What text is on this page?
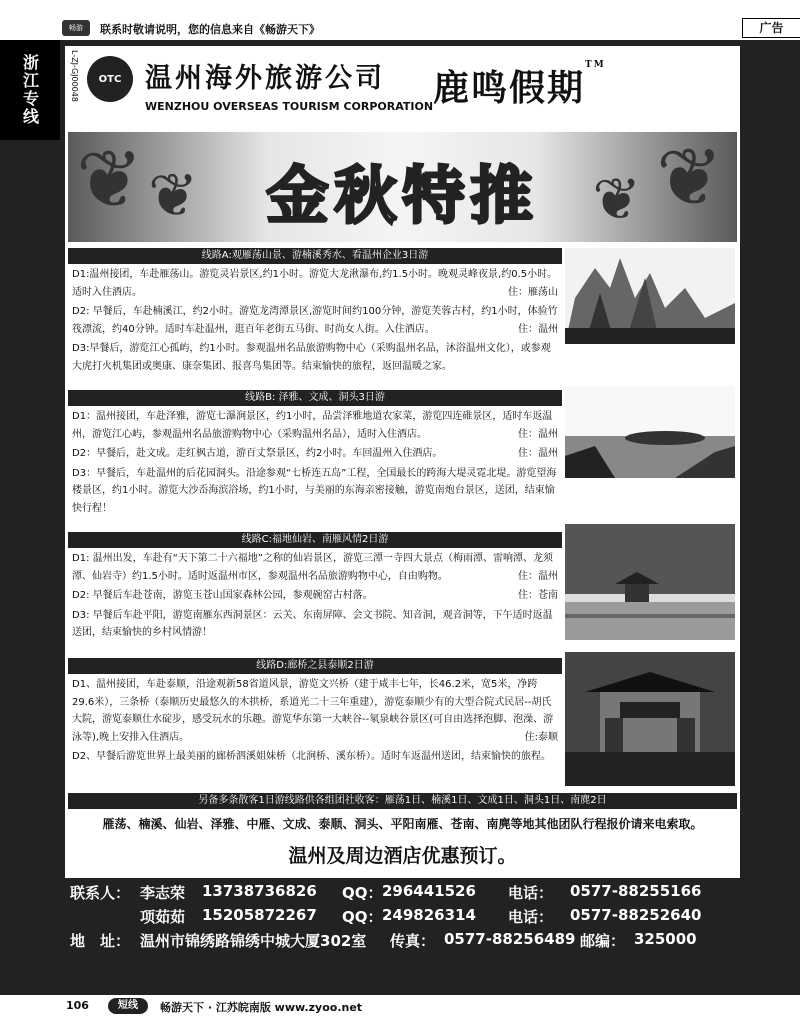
畅游	联系时敬请说明，您的信息来自《畅游天下》	广告
浙江专线	L-ZJ-GJ00048	OTC 温州海外旅游公司
WENZHOU OVERSEAS TOURISM CORPORATION 鹿鸣假期™
❦ ❦	❦
❦
金秋特推
线路A:观雁荡山景、游楠溪秀水、看温州企业3日游
D1:温州接团，车赴雁荡山。游览灵岩景区,约1小时。游览大龙湫瀑布,约1.5小时。晚观灵峰夜景,约0.5小时。适时入住酒店。	住：雁荡山
D2: 早餐后，车赴楠溪江，约2小时。游览龙湾潭景区,游览时间约100分钟，游览芙蓉古村，约1小时，体验竹筏漂流，约40分钟。适时车赴温州，逛百年老街五马街、时尚女人街。入住酒店。	住：温州
D3:早餐后，游览江心孤屿，约1小时。参观温州名品旅游购物中心（采购温州名品，沐浴温州文化），或参观大虎打火机集团或奥康、康奈集团、报喜鸟集团等。结束愉快的旅程，返回温暖之家。
线路B: 泽雅、文成、洞头3日游
D1：温州接团，车赴泽雅，游览七瀑涧景区，约1小时，品尝泽雅地道农家菜，游览四连碓景区，适时车返温州，游览江心屿，参观温州名品旅游购物中心（采购温州名品），适时入住酒店。	住：温州
D2：早餐后，赴文成。走红枫古道，游百丈祭景区，约2小时。车回温州入住酒店。	住：温州
D3：早餐后，车赴温州的后花园洞头。沿途参观“七桥连五岛”工程，全国最长的跨海大堤灵霓北堤。游览望海楼景区，约1小时。游览大沙岙海滨浴场，约1小时，与美丽的东海亲密接触，游览南炮台景区，送团，结束愉快行程！
线路C:福地仙岩、南雁风情2日游
D1: 温州出发，车赴有“天下第二十六福地”之称的仙岩景区，游览三潭一寺四大景点（梅雨潭、雷响潭、龙须潭、仙岩寺）约1.5小时。适时返温州市区，参观温州名品旅游购物中心，自由购物。	住：温州
D2: 早餐后车赴苍南，游览玉苍山国家森林公园，参观碗窑古村落。	住：苍南
D3: 早餐后车赴平阳，游览南雁东西洞景区：云关、东南屏障、会文书院、知音洞，观音洞等，下午适时返温送团，结束愉快的乡村风情游！
线路D:廊桥之县泰顺2日游
D1、温州接团，车赴泰顺，沿途观新58省道风景，游览文兴桥（建于咸丰七年，长46.2米，宽5米，净跨29.6米），三条桥（泰顺历史最悠久的木拱桥，系道光二十三年重建），游览泰顺少有的大型合院式民居--胡氏大院，游览泰顺仕水碇步，感受玩水的乐趣。游览华东第一大峡谷--氡泉峡谷景区(可自由选择泡脚、泡澡、游泳等),晚上安排入住酒店。	住:泰顺
D2、早餐后游览世界上最美丽的廊桥泗溪姐妹桥（北涧桥、溪东桥）。适时车返温州送团，结束愉快的旅程。
另备多条散客1日游线路供各组团社收客：雁荡1日、楠溪1日、文成1日、洞头1日、南麂2日
雁荡、楠溪、仙岩、泽雅、中雁、文成、泰顺、洞头、平阳南雁、苍南、南麂等地其他团队行程报价请来电索取。
温州及周边酒店优惠预订。
联系人： 李志荣 13738736826 QQ： 296441526 电话： 0577-88255166
项茹茹 15205872267 QQ： 249826314 电话： 0577-88252640
地　址： 温州市锦绣路锦绣中城大厦302室 传真： 0577-88256489 邮编： 325000
106	短线	畅游天下 · 江苏皖南版 www.zyoo.net
